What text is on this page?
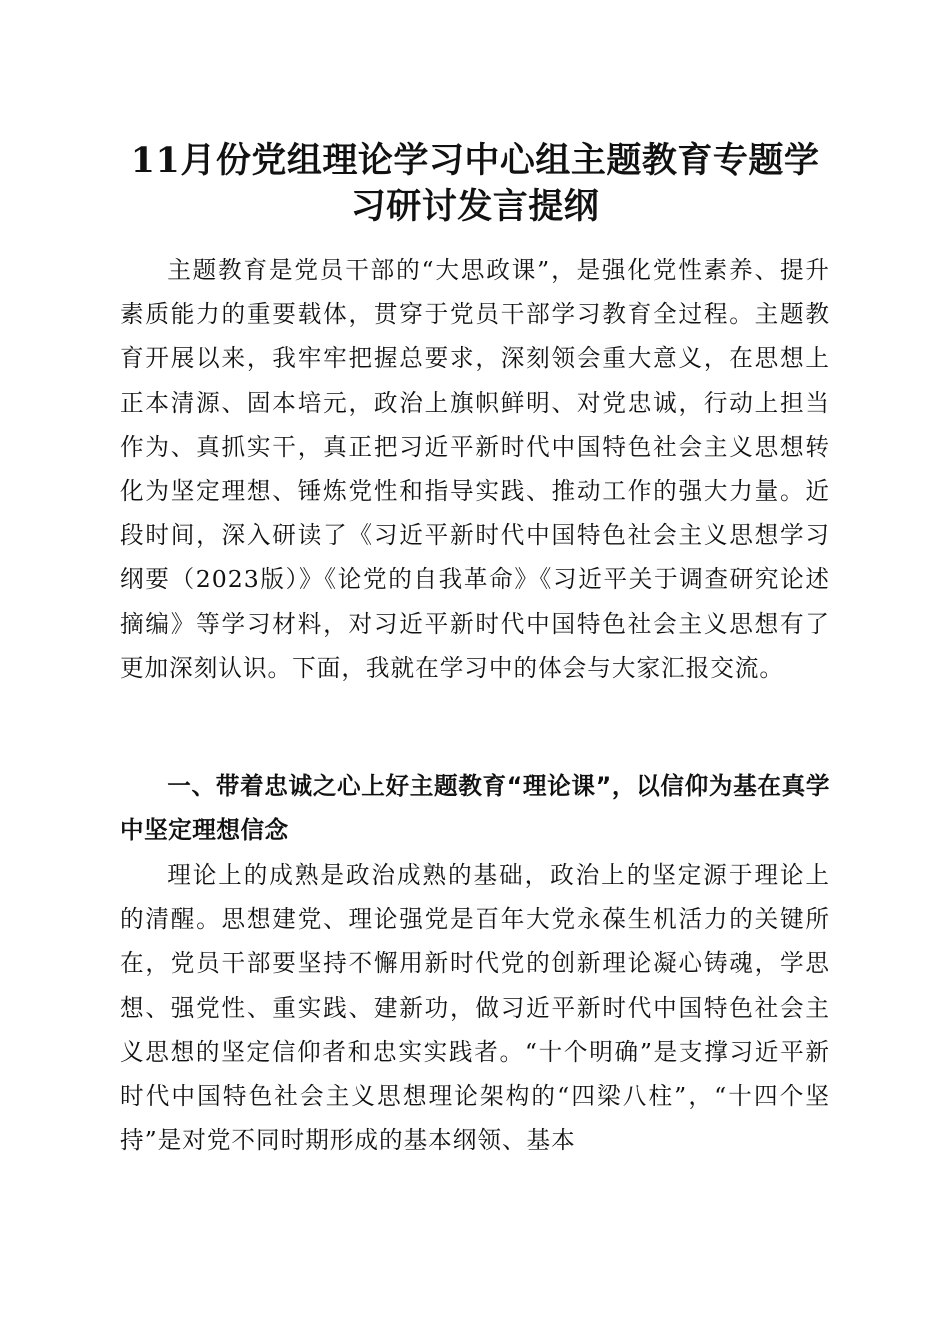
11月份党组理论学习中心组主题教育专题学习研讨发言提纲

主题教育是党员干部的“大思政课”，是强化党性素养、提升素质能力的重要载体，贯穿于党员干部学习教育全过程。主题教育开展以来，我牢牢把握总要求，深刻领会重大意义，在思想上正本清源、固本培元，政治上旗帜鲜明、对党忠诚，行动上担当作为、真抓实干，真正把习近平新时代中国特色社会主义思想转化为坚定理想、锤炼党性和指导实践、推动工作的强大力量。近段时间，深入研读了《习近平新时代中国特色社会主义思想学习纲要（2023版）》《论党的自我革命》《习近平关于调查研究论述摘编》等学习材料，对习近平新时代中国特色社会主义思想有了更加深刻认识。下面，我就在学习中的体会与大家汇报交流。

一、带着忠诚之心上好主题教育“理论课”，以信仰为基在真学中坚定理想信念

理论上的成熟是政治成熟的基础，政治上的坚定源于理论上的清醒。思想建党、理论强党是百年大党永葆生机活力的关键所在，党员干部要坚持不懈用新时代党的创新理论凝心铸魂，学思想、强党性、重实践、建新功，做习近平新时代中国特色社会主义思想的坚定信仰者和忠实实践者。“十个明确”是支撑习近平新时代中国特色社会主义思想理论架构的“四梁八柱”，“十四个坚持”是对党不同时期形成的基本纲领、基本
